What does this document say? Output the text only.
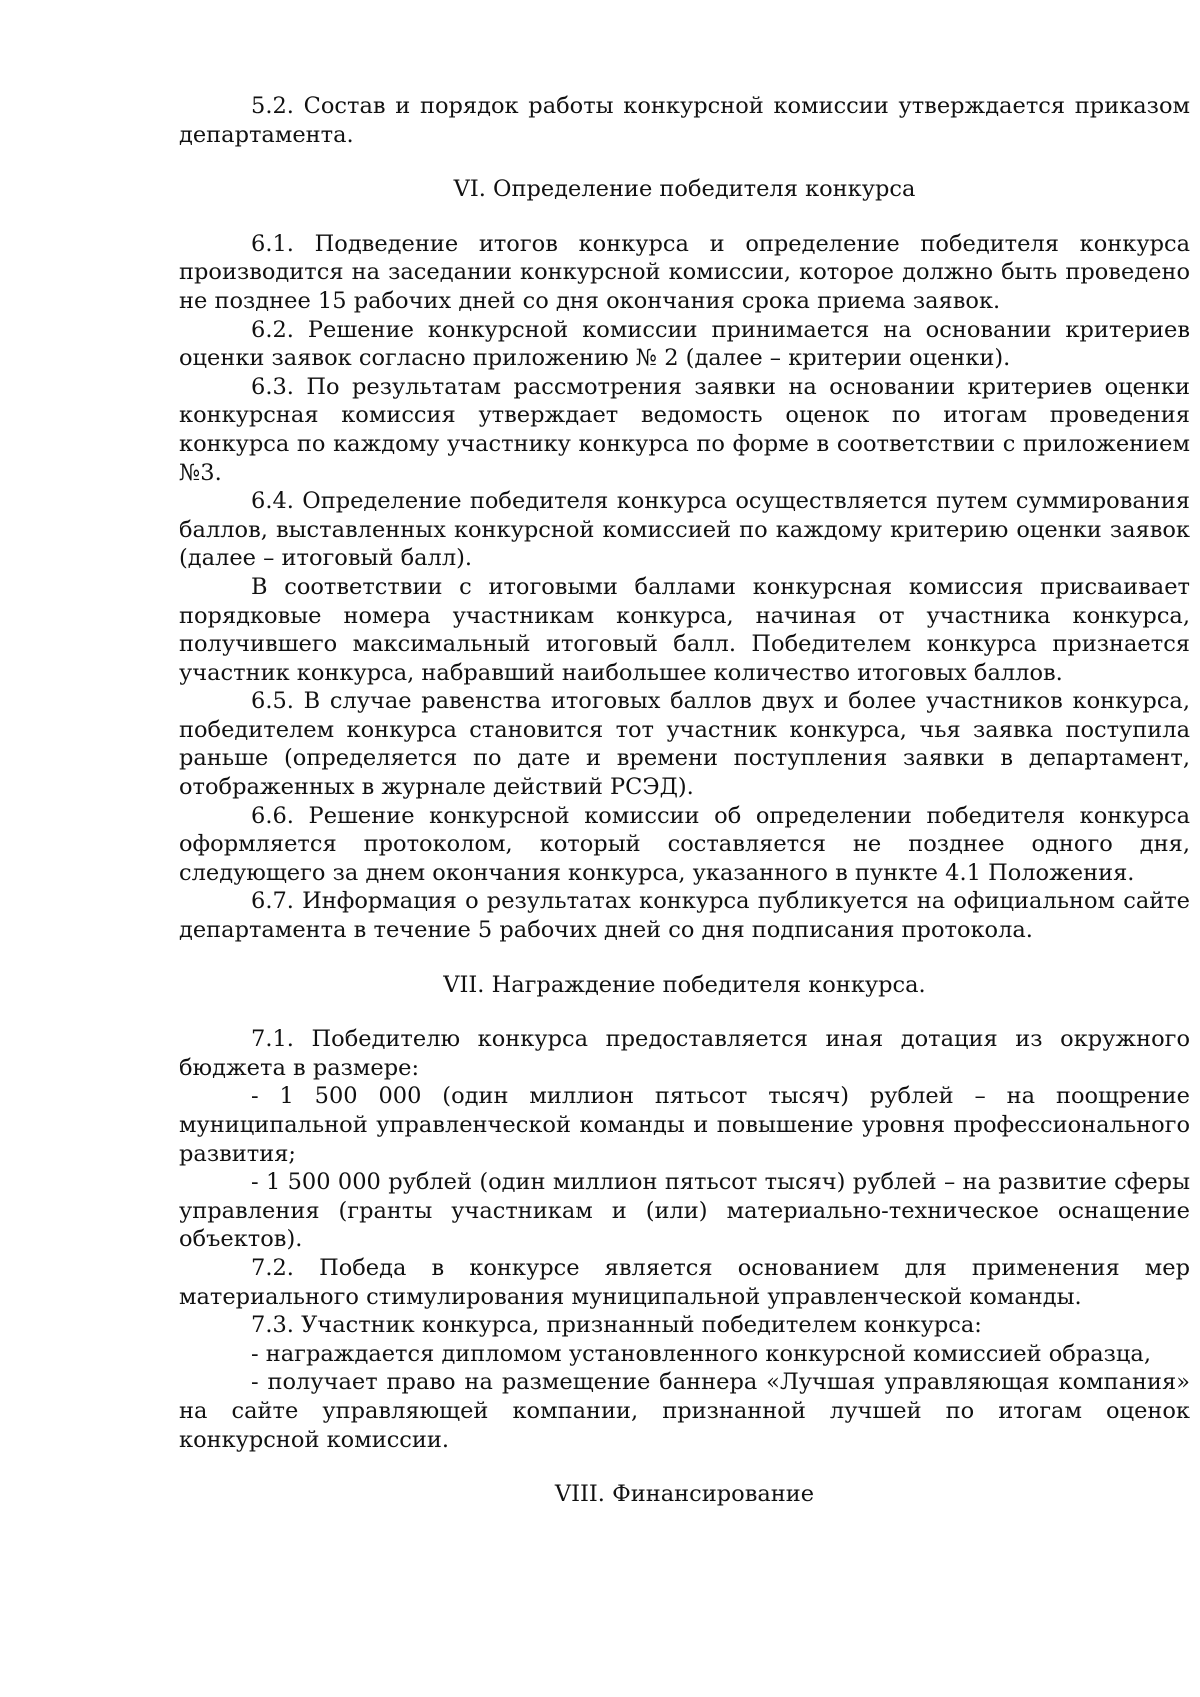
5.2. Состав и порядок работы конкурсной комиссии утверждается приказом департамента.

VI. Определение победителя конкурса

6.1. Подведение итогов конкурса и определение победителя конкурса производится на заседании конкурсной комиссии, которое должно быть проведено не позднее 15 рабочих дней со дня окончания срока приема заявок.

6.2. Решение конкурсной комиссии принимается на основании критериев оценки заявок согласно приложению № 2 (далее – критерии оценки).

6.3. По результатам рассмотрения заявки на основании критериев оценки конкурсная комиссия утверждает ведомость оценок по итогам проведения конкурса по каждому участнику конкурса по форме в соответствии с приложением №3.

6.4. Определение победителя конкурса осуществляется путем суммирования баллов, выставленных конкурсной комиссией по каждому критерию оценки заявок (далее – итоговый балл).

В соответствии с итоговыми баллами конкурсная комиссия присваивает порядковые номера участникам конкурса, начиная от участника конкурса, получившего максимальный итоговый балл. Победителем конкурса признается участник конкурса, набравший наибольшее количество итоговых баллов.

6.5. В случае равенства итоговых баллов двух и более участников конкурса, победителем конкурса становится тот участник конкурса, чья заявка поступила раньше (определяется по дате и времени поступления заявки в департамент, отображенных в журнале действий РСЭД).

6.6. Решение конкурсной комиссии об определении победителя конкурса оформляется протоколом, который составляется не позднее одного дня, следующего за днем окончания конкурса, указанного в пункте 4.1 Положения.

6.7. Информация о результатах конкурса публикуется на официальном сайте департамента в течение 5 рабочих дней со дня подписания протокола.

VII. Награждение победителя конкурса.

7.1. Победителю конкурса предоставляется иная дотация из окружного бюджета в размере:

- 1 500 000 (один миллион пятьсот тысяч) рублей – на поощрение муниципальной управленческой команды и повышение уровня профессионального развития;

- 1 500 000 рублей (один миллион пятьсот тысяч) рублей – на развитие сферы управления (гранты участникам и (или) материально-техническое оснащение объектов).

7.2. Победа в конкурсе является основанием для применения мер материального стимулирования муниципальной управленческой команды.

7.3. Участник конкурса, признанный победителем конкурса:

- награждается дипломом установленного конкурсной комиссией образца,

- получает право на размещение баннера «Лучшая управляющая компания» на сайте управляющей компании, признанной лучшей по итогам оценок конкурсной комиссии.

VIII. Финансирование
